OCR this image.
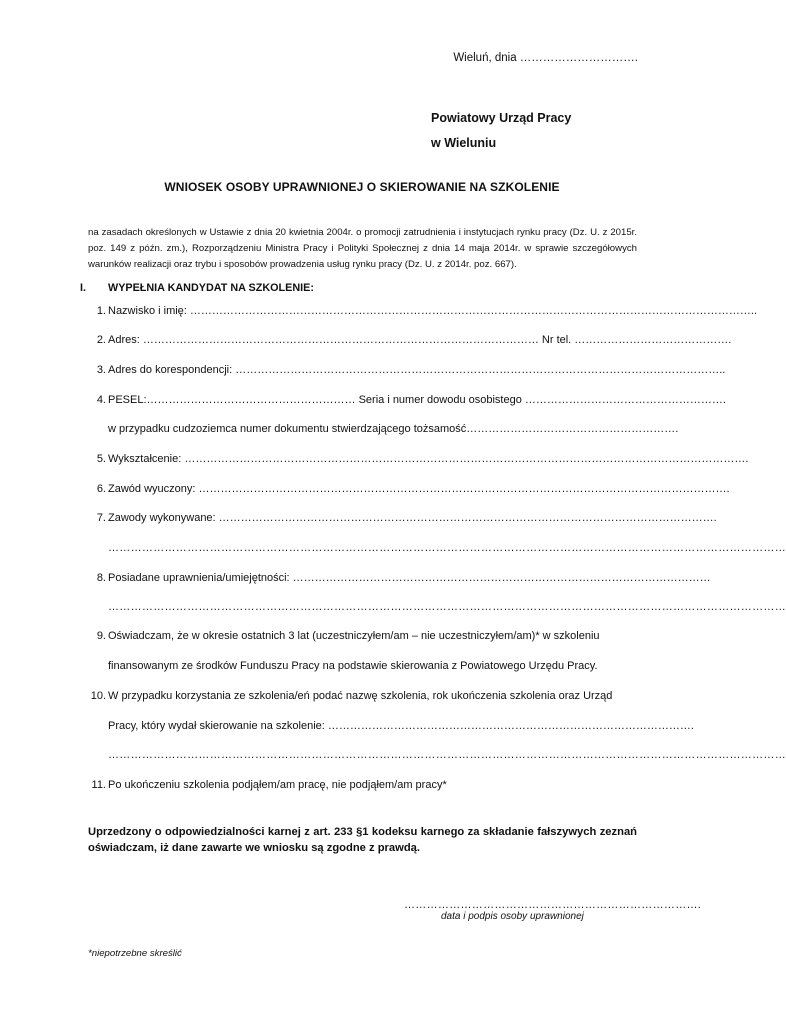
Wieluń, dnia ………………………….
Powiatowy Urząd Pracy
w Wieluniu
WNIOSEK OSOBY UPRAWNIONEJ O SKIEROWANIE NA SZKOLENIE
na zasadach określonych w Ustawie z dnia 20 kwietnia 2004r. o promocji zatrudnienia i instytucjach rynku pracy (Dz. U. z 2015r. poz. 149 z późn. zm.), Rozporządzeniu Ministra Pracy i Polityki Społecznej z dnia 14 maja 2014r. w sprawie szczegółowych warunków realizacji oraz trybu i sposobów prowadzenia usług rynku pracy (Dz. U. z 2014r. poz. 667).
I. WYPEŁNIA KANDYDAT NA SZKOLENIE:
1. Nazwisko i imię: ………………………………………………………………………………………………………………………………………..
2. Adres: ……………………………………………………………………………………………… Nr tel. …………………………………….
3. Adres do korespondencji: ……………………………………………………………………………………………………………………..
4. PESEL:………………………………………………… Seria i numer dowodu osobistego ……………………………………………….
w przypadku cudzoziemca numer dokumentu stwierdzającego tożsamość………………………………………………….
5. Wykształcenie: ……………………………………………………………………………………………………………………………………….
6. Zawód wyuczony: ……………………………………………………………………………………………………………………………….
7. Zawody wykonywane: ……………………………………………………………………………………………………………………….
………………………………………………………………………………………………………………………………………………………………
8. Posiadane uprawnienia/umiejętności: ……………………………………………………………………………………………………
………………………………………………………………………………………………………………………………………………………………
9. Oświadczam, że w okresie ostatnich 3 lat (uczestniczyłem/am – nie uczestniczyłem/am)* w szkoleniu
finansowanym ze środków Funduszu Pracy na podstawie skierowania z Powiatowego Urzędu Pracy.
10. W przypadku korzystania ze szkolenia/eń podać nazwę szkolenia, rok ukończenia szkolenia oraz Urząd
Pracy, który wydał skierowanie na szkolenie: ……………………………………………………………………………………….
………………………………………………………………………………………………………………………………………………………………
11. Po ukończeniu szkolenia podjąłem/am pracę, nie podjąłem/am pracy*
Uprzedzony o odpowiedzialności karnej z art. 233 §1 kodeksu karnego za składanie fałszywych zeznań oświadczam, iż dane zawarte we wniosku są zgodne z prawdą.
…………………………………………………………………….
data i podpis osoby uprawnionej
*niepotrzebne skreślić
